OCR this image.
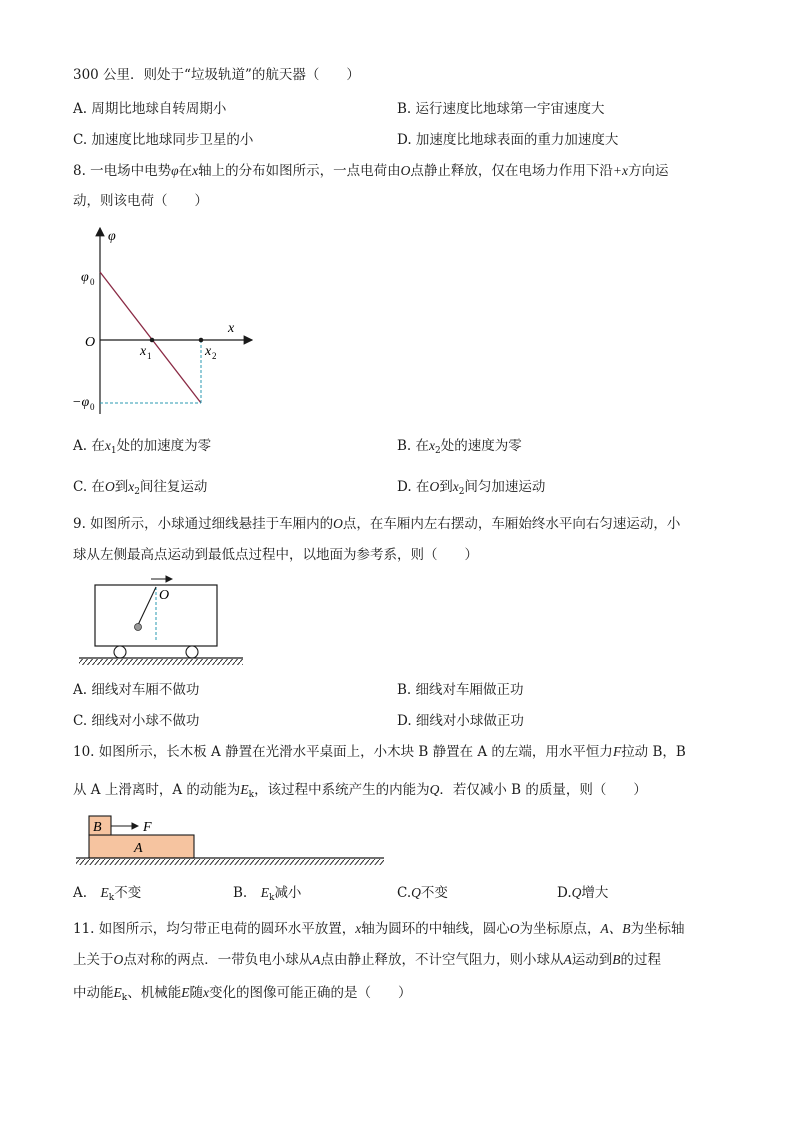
300 公里．则处于“垃圾轨道”的航天器（　　）
A. 周期比地球自转周期小	B. 运行速度比地球第一宇宙速度大
C. 加速度比地球同步卫星的小	D. 加速度比地球表面的重力加速度大
8. 一电场中电势φ在x轴上的分布如图所示，一点电荷由O点静止释放，仅在电场力作用下沿+x方向运
动，则该电荷（　　）
φ
x
O
φ 0
−φ 0
x 1	x 2
A. 在$x_1$处的加速度为零	B. 在$x_2$处的速度为零
C. 在O到$x_2$间往复运动	D. 在O到$x_2$间匀加速运动
9. 如图所示，小球通过细线悬挂于车厢内的O点，在车厢内左右摆动，车厢始终水平向右匀速运动，小
球从左侧最高点运动到最低点过程中，以地面为参考系，则（　　）
O
A. 细线对车厢不做功	B. 细线对车厢做正功
C. 细线对小球不做功	D. 细线对小球做正功
10. 如图所示，长木板 A 静置在光滑水平桌面上，小木块 B 静置在 A 的左端，用水平恒力F拉动 B，B
从 A 上滑离时，A 的动能为$E_k$，该过程中系统产生的内能为Q．若仅减小 B 的质量，则（　　）
B
A
F
A.　$E_k$不变	B.　$E_k$减小	C.Q不变	D.Q增大
11. 如图所示，均匀带正电荷的圆环水平放置，x轴为圆环的中轴线，圆心O为坐标原点，A、B为坐标轴
上关于O点对称的两点．一带负电小球从A点由静止释放，不计空气阻力，则小球从A运动到B的过程
中动能$E_k$、机械能E随x变化的图像可能正确的是（　　）
